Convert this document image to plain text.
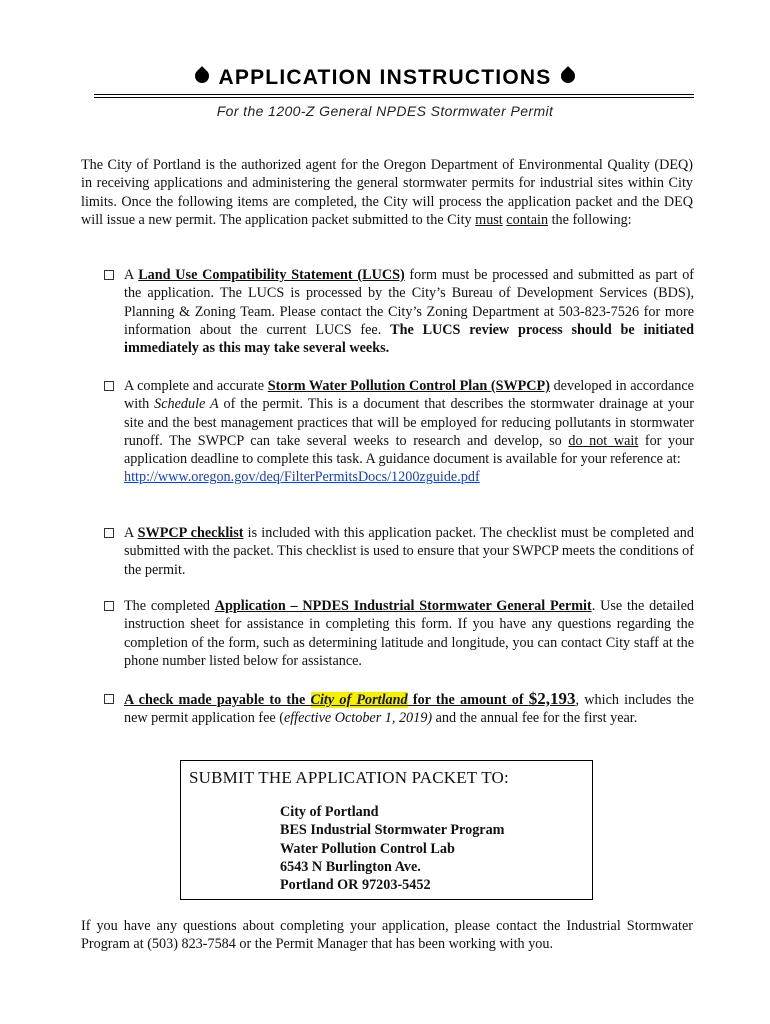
APPLICATION INSTRUCTIONS
For the 1200-Z General NPDES Stormwater Permit
The City of Portland is the authorized agent for the Oregon Department of Environmental Quality (DEQ) in receiving applications and administering the general stormwater permits for industrial sites within City limits. Once the following items are completed, the City will process the application packet and the DEQ will issue a new permit. The application packet submitted to the City must contain the following:
A Land Use Compatibility Statement (LUCS) form must be processed and submitted as part of the application. The LUCS is processed by the City’s Bureau of Development Services (BDS), Planning & Zoning Team. Please contact the City’s Zoning Department at 503-823-7526 for more information about the current LUCS fee. The LUCS review process should be initiated immediately as this may take several weeks.
A complete and accurate Storm Water Pollution Control Plan (SWPCP) developed in accordance with Schedule A of the permit. This is a document that describes the stormwater drainage at your site and the best management practices that will be employed for reducing pollutants in stormwater runoff. The SWPCP can take several weeks to research and develop, so do not wait for your application deadline to complete this task. A guidance document is available for your reference at:
http://www.oregon.gov/deq/FilterPermitsDocs/1200zguide.pdf
A SWPCP checklist is included with this application packet. The checklist must be completed and submitted with the packet. This checklist is used to ensure that your SWPCP meets the conditions of the permit.
The completed Application – NPDES Industrial Stormwater General Permit. Use the detailed instruction sheet for assistance in completing this form. If you have any questions regarding the completion of the form, such as determining latitude and longitude, you can contact City staff at the phone number listed below for assistance.
A check made payable to the City of Portland for the amount of $2,193, which includes the new permit application fee (effective October 1, 2019) and the annual fee for the first year.
SUBMIT THE APPLICATION PACKET TO:
City of Portland
BES Industrial Stormwater Program
Water Pollution Control Lab
6543 N Burlington Ave.
Portland OR 97203-5452
If you have any questions about completing your application, please contact the Industrial Stormwater Program at (503) 823-7584 or the Permit Manager that has been working with you.
